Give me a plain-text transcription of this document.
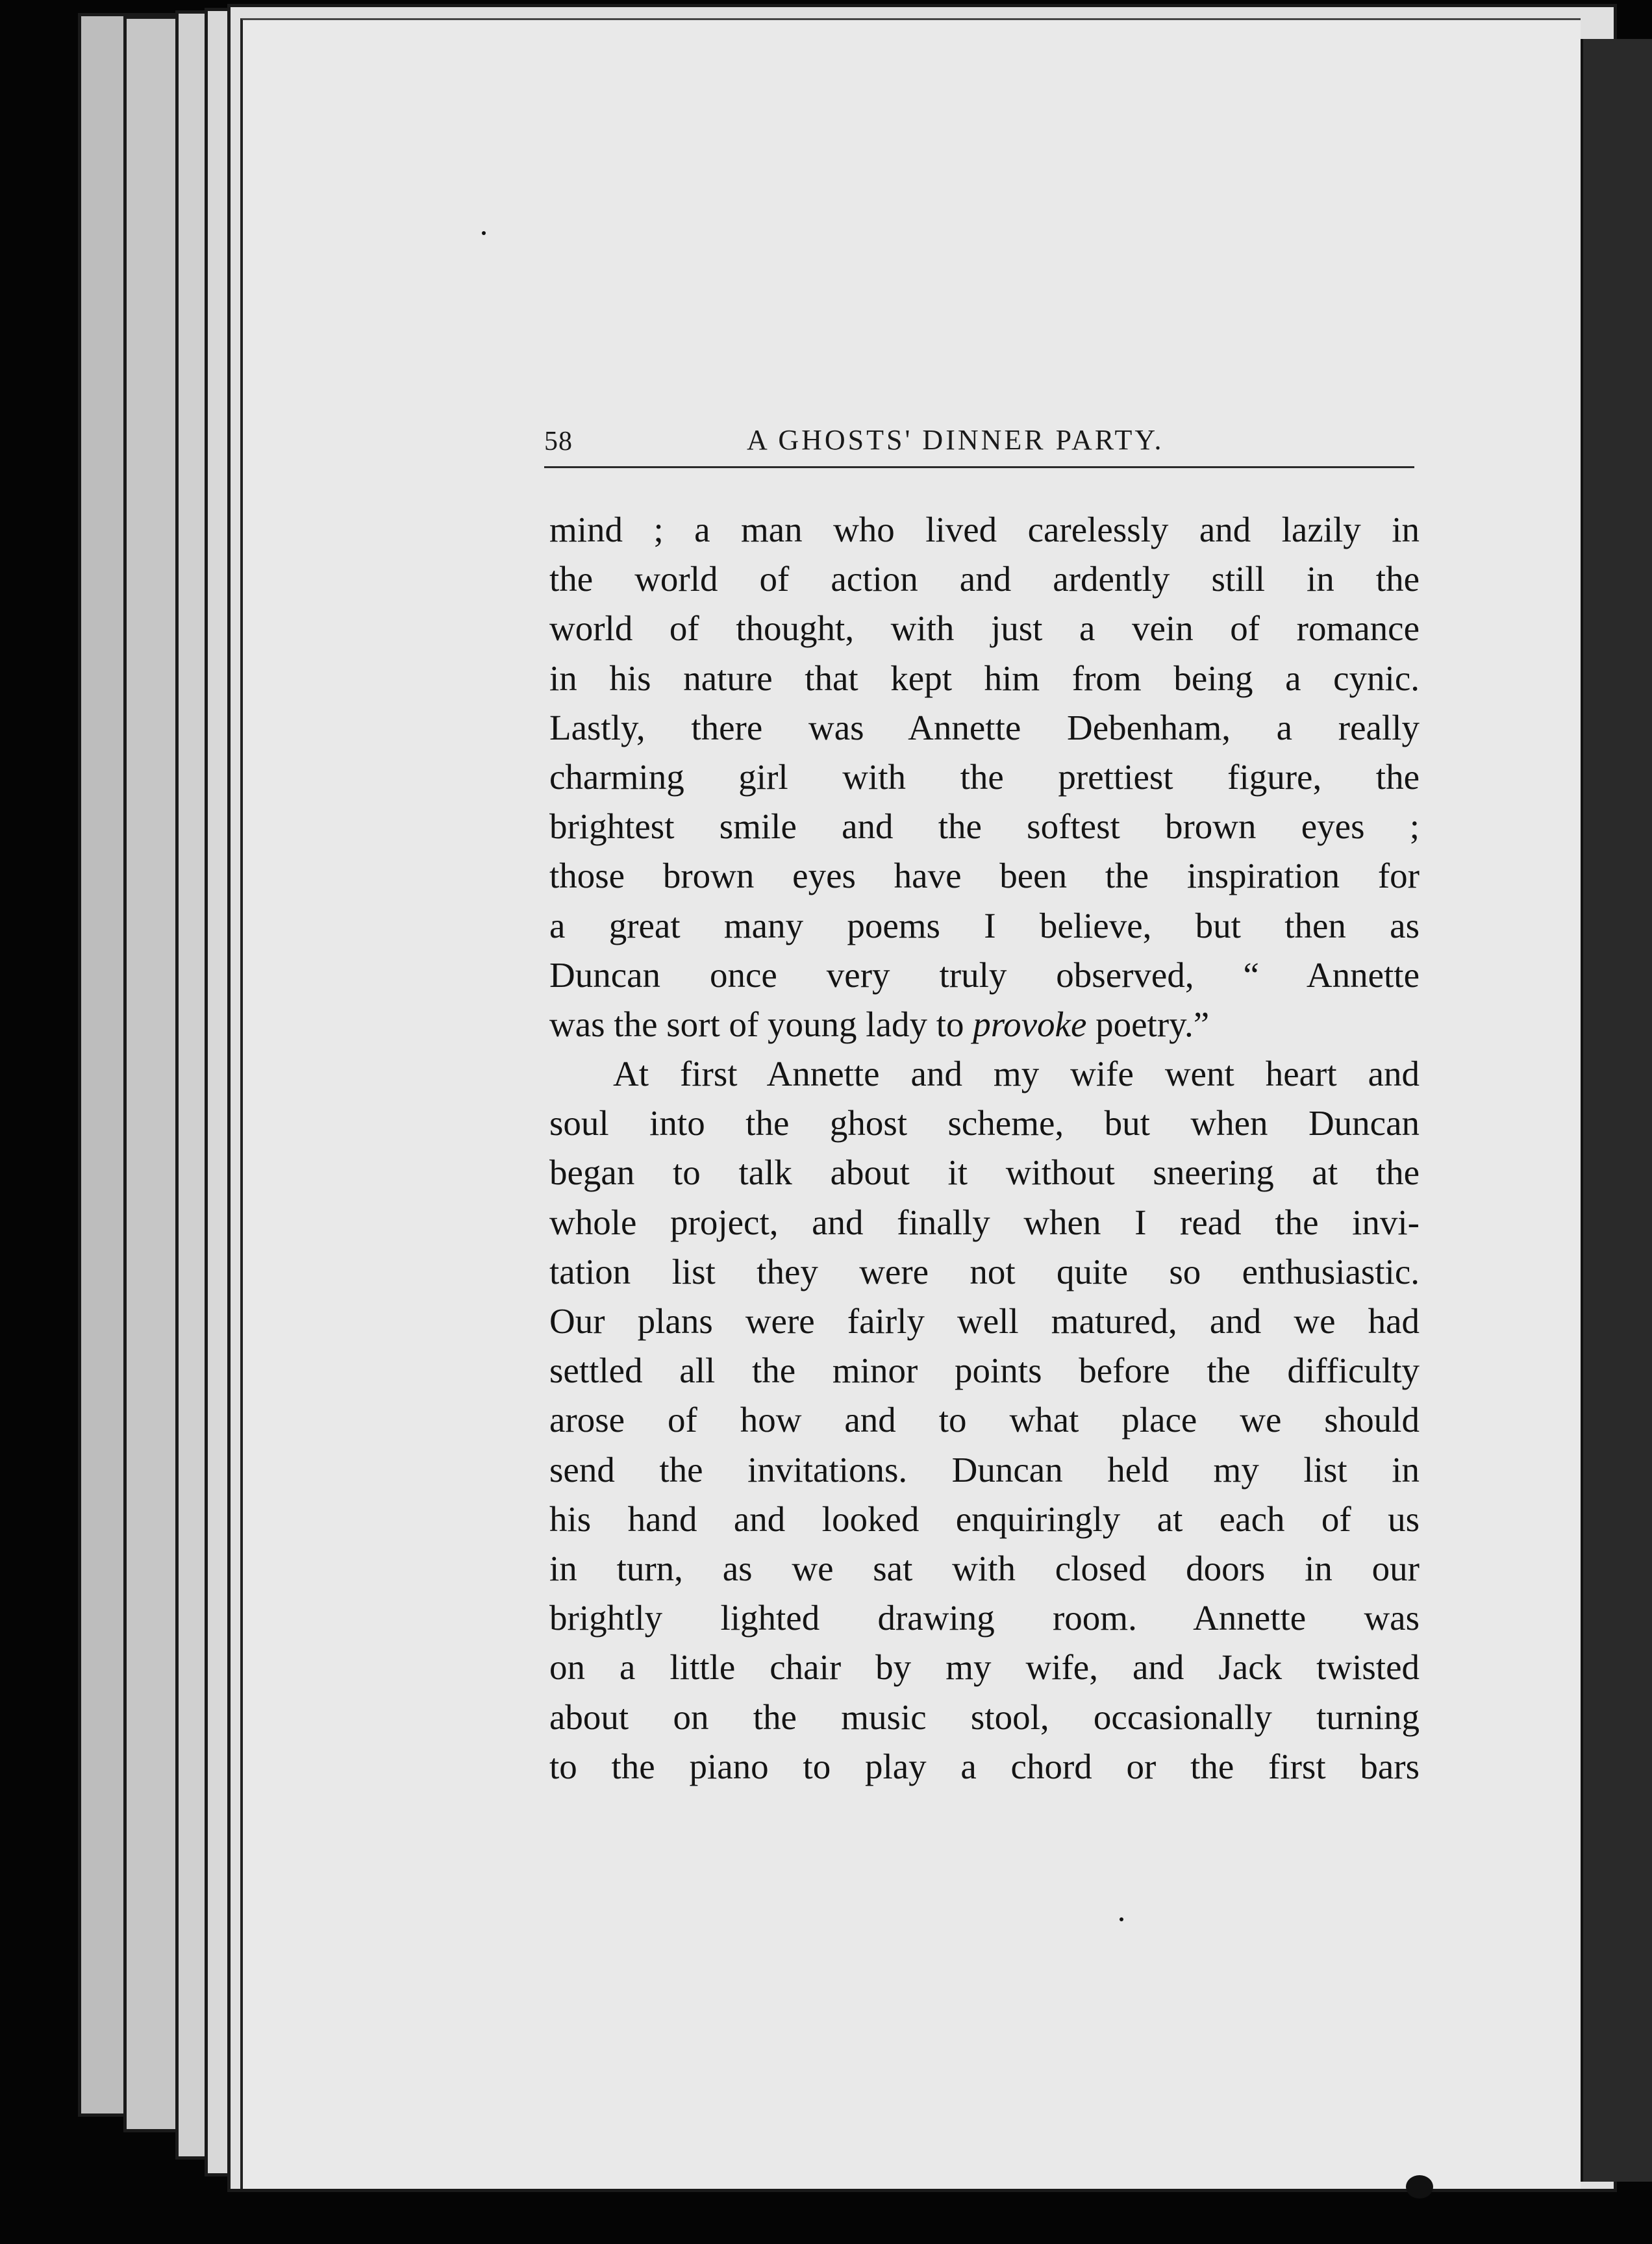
58	A GHOSTS' DINNER PARTY.
mind ; a man who lived carelessly and lazily in
the world of action and ardently still in the
world of thought, with just a vein of romance
in his nature that kept him from being a cynic.
Lastly, there was Annette Debenham, a really
charming girl with the prettiest figure, the
brightest smile and the softest brown eyes ;
those brown eyes have been the inspiration for
a great many poems I believe, but then as
Duncan once very truly observed, “ Annette
was the sort of young lady to provoke poetry.”
At first Annette and my wife went heart and
soul into the ghost scheme, but when Duncan
began to talk about it without sneering at the
whole project, and finally when I read the invi-
tation list they were not quite so enthusiastic.
Our plans were fairly well matured, and we had
settled all the minor points before the difficulty
arose of how and to what place we should
send the invitations. Duncan held my list in
his hand and looked enquiringly at each of us
in turn, as we sat with closed doors in our
brightly lighted drawing room. Annette was
on a little chair by my wife, and Jack twisted
about on the music stool, occasionally turning
to the piano to play a chord or the first bars
